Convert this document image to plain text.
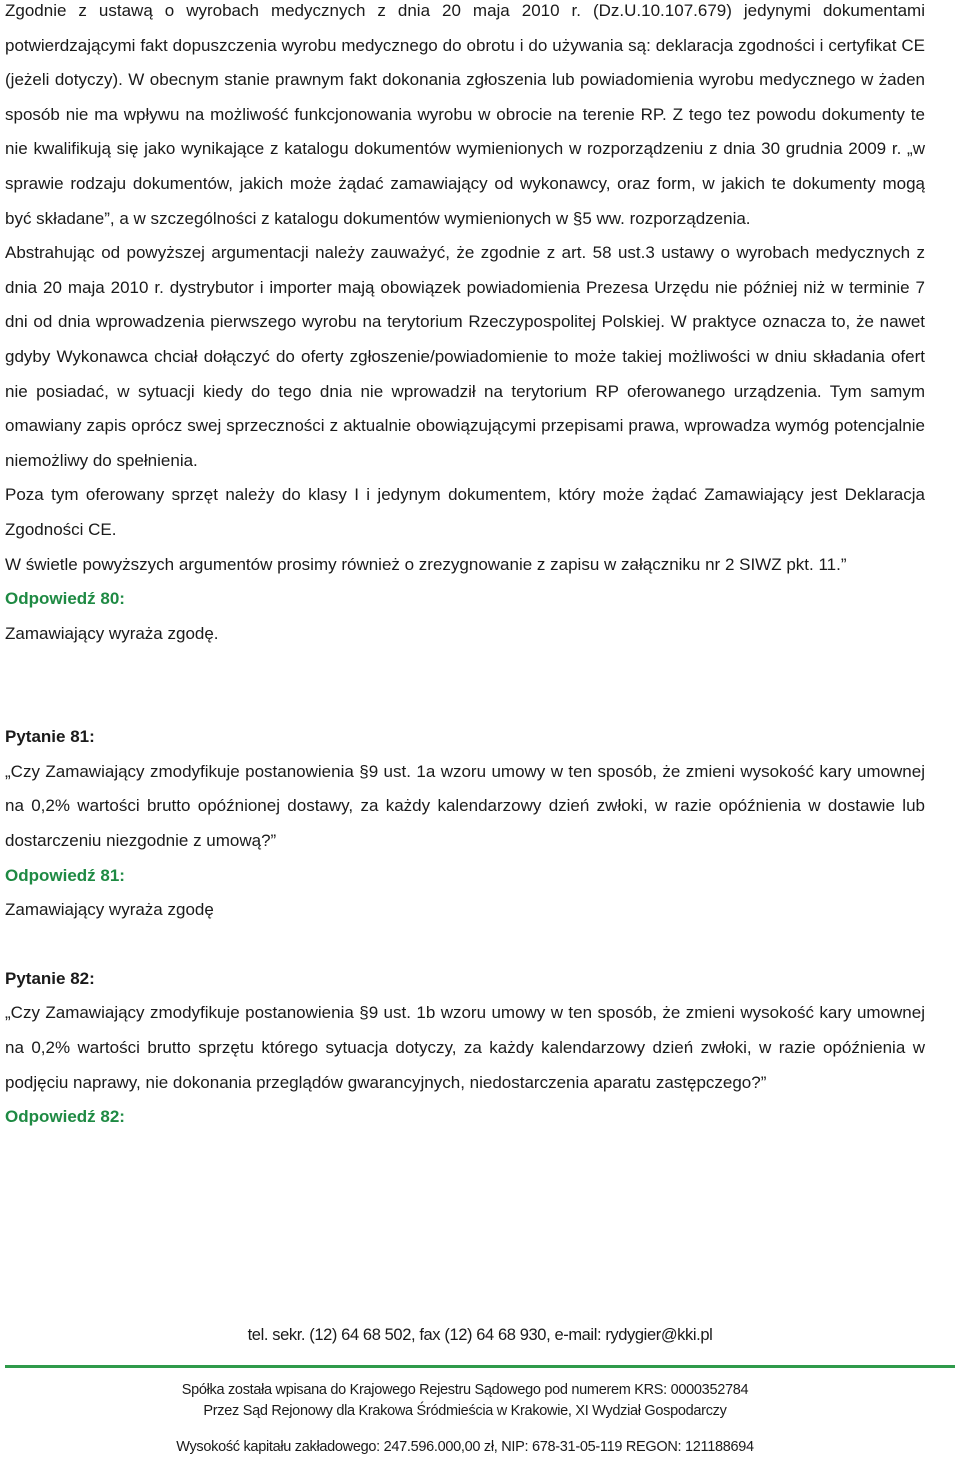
Zgodnie z ustawą o wyrobach medycznych z dnia 20 maja 2010 r. (Dz.U.10.107.679) jedynymi dokumentami potwierdzającymi fakt dopuszczenia wyrobu medycznego do obrotu i do używania są: deklaracja zgodności i certyfikat CE (jeżeli dotyczy). W obecnym stanie prawnym fakt dokonania zgłoszenia lub powiadomienia wyrobu medycznego w żaden sposób nie ma wpływu na możliwość funkcjonowania wyrobu w obrocie na terenie RP. Z tego tez powodu dokumenty te nie kwalifikują się jako wynikające z katalogu dokumentów wymienionych w rozporządzeniu z dnia 30 grudnia 2009 r. „w sprawie rodzaju dokumentów, jakich może żądać zamawiający od wykonawcy, oraz form, w jakich te dokumenty mogą być składane”, a w szczególności z katalogu dokumentów wymienionych w §5 ww. rozporządzenia.

Abstrahując od powyższej argumentacji należy zauważyć, że zgodnie z art. 58 ust.3 ustawy o wyrobach medycznych z dnia 20 maja 2010 r. dystrybutor i importer mają obowiązek powiadomienia Prezesa Urzędu nie później niż w terminie 7 dni od dnia wprowadzenia pierwszego wyrobu na terytorium Rzeczypospolitej Polskiej. W praktyce oznacza to, że nawet gdyby Wykonawca chciał dołączyć do oferty zgłoszenie/powiadomienie to może takiej możliwości w dniu składania ofert nie posiadać, w sytuacji kiedy do tego dnia nie wprowadził na terytorium RP oferowanego urządzenia. Tym samym omawiany zapis oprócz swej sprzeczności z aktualnie obowiązującymi przepisami prawa, wprowadza wymóg potencjalnie niemożliwy do spełnienia.

Poza tym oferowany sprzęt należy do klasy I i jedynym dokumentem, który może żądać Zamawiający jest Deklaracja Zgodności CE.

W świetle powyższych argumentów prosimy również o zrezygnowanie z zapisu w załączniku nr 2 SIWZ pkt. 11.”

Odpowiedź 80:

Zamawiający wyraża zgodę.

Pytanie 81:

„Czy Zamawiający zmodyfikuje postanowienia §9 ust. 1a wzoru umowy w ten sposób, że zmieni wysokość kary umownej na 0,2% wartości brutto opóźnionej dostawy, za każdy kalendarzowy dzień zwłoki, w razie opóźnienia w dostawie lub dostarczeniu niezgodnie z umową?”

Odpowiedź 81:

Zamawiający wyraża zgodę

Pytanie 82:

„Czy Zamawiający zmodyfikuje postanowienia §9 ust. 1b wzoru umowy w ten sposób, że zmieni wysokość kary umownej na 0,2% wartości brutto sprzętu którego sytuacja dotyczy, za każdy kalendarzowy dzień zwłoki, w razie opóźnienia w podjęciu naprawy, nie dokonania przeglądów gwarancyjnych, niedostarczenia aparatu zastępczego?”

Odpowiedź 82:

tel. sekr. (12) 64 68 502, fax (12) 64 68 930, e-mail: rydygier@kki.pl
Spółka została wpisana do Krajowego Rejestru Sądowego pod numerem KRS: 0000352784
Przez Sąd Rejonowy dla Krakowa Śródmieścia w Krakowie, XI Wydział Gospodarczy
Wysokość kapitału zakładowego: 247.596.000,00 zł, NIP: 678-31-05-119 REGON: 121188694
